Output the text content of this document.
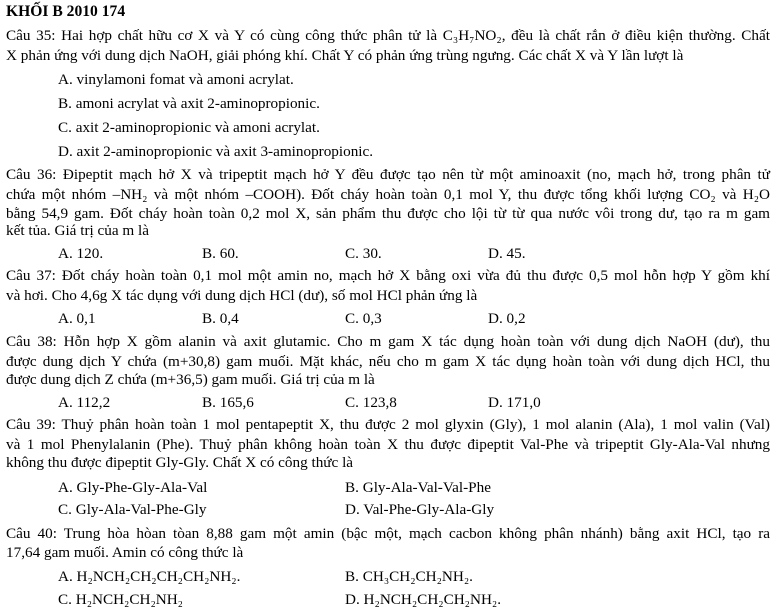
KHỐI B 2010 174
Câu 35: Hai hợp chất hữu cơ X và Y có cùng công thức phân tử là C₃H₇NO₂, đều là chất rắn ở điều kiện thường. Chất
X phản ứng với dung dịch NaOH, giải phóng khí. Chất Y có phản ứng trùng ngưng. Các chất X và Y lần lượt là
A. vinylamoni fomat và amoni acrylat.
B. amoni acrylat và axit 2-aminopropionic.
C. axit 2-aminopropionic và amoni acrylat.
D. axit 2-aminopropionic và axit 3-aminopropionic.
Câu 36: Đipeptit mạch hở X và tripeptit mạch hở Y đều được tạo nên từ một aminoaxit (no, mạch hở, trong phân tử
chứa một nhóm –NH₂ và một nhóm –COOH). Đốt cháy hoàn toàn 0,1 mol Y, thu được tổng khối lượng CO₂ và H₂O
bằng 54,9 gam. Đốt cháy hoàn toàn 0,2 mol X, sản phẩm thu được cho lội từ từ qua nước vôi trong dư, tạo ra m gam
kết tủa. Giá trị của m là
A. 120.	B. 60.	C. 30.	D. 45.
Câu 37: Đốt cháy hoàn toàn 0,1 mol một amin no, mạch hở X bằng oxi vừa đủ thu được 0,5 mol hỗn hợp Y gồm khí
và hơi. Cho 4,6g X tác dụng với dung dịch HCl (dư), số mol HCl phản ứng là
A. 0,1	B. 0,4	C. 0,3	D. 0,2
Câu 38: Hỗn hợp X gồm alanin và axit glutamic. Cho m gam X tác dụng hoàn toàn với dung dịch NaOH (dư), thu
được dung dịch Y chứa (m+30,8) gam muối. Mặt khác, nếu cho m gam X tác dụng hoàn toàn với dung dịch HCl, thu
được dung dịch Z chứa (m+36,5) gam muối. Giá trị của m là
A. 112,2	B. 165,6	C. 123,8	D. 171,0
Câu 39: Thuỷ phân hoàn toàn 1 mol pentapeptit X, thu được 2 mol glyxin (Gly), 1 mol alanin (Ala), 1 mol valin (Val)
và 1 mol Phenylalanin (Phe). Thuỷ phân không hoàn toàn X thu được đipeptit Val-Phe và tripeptit Gly-Ala-Val nhưng
không thu được đipeptit Gly-Gly. Chất X có công thức là
A. Gly-Phe-Gly-Ala-Val	B. Gly-Ala-Val-Val-Phe
C. Gly-Ala-Val-Phe-Gly	D. Val-Phe-Gly-Ala-Gly
Câu 40: Trung hòa hòan tòan 8,88 gam một amin (bậc một, mạch cacbon không phân nhánh) bằng axit HCl, tạo ra
17,64 gam muối. Amin có công thức là
A. H₂NCH₂CH₂CH₂CH₂NH₂.	B. CH₃CH₂CH₂NH₂.
C. H₂NCH₂CH₂NH₂	D. H₂NCH₂CH₂CH₂NH₂.
